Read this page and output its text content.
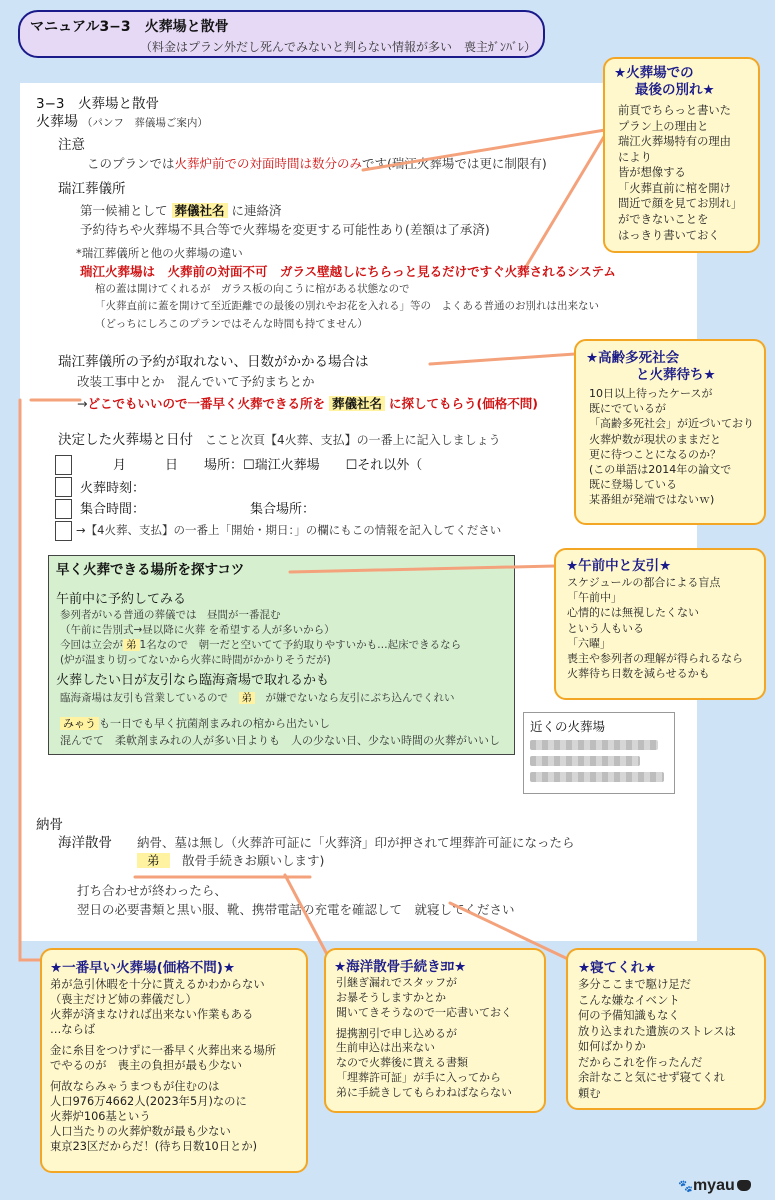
マニュアル3−3　火葬場と散骨
（料金はプラン外だし死んでみないと判らない情報が多い　喪主ｶﾞﾝﾊﾞﾚ）
3−3　火葬場と散骨
火葬場 （パンフ　葬儀場ご案内）
注意
このプランでは火葬炉前での対面時間は数分のみです(瑞江火葬場では更に制限有)
瑞江葬儀所
第一候補として 葬儀社名 に連絡済
予約待ちや火葬場不具合等で火葬場を変更する可能性あり(差額は了承済)
*瑞江葬儀所と他の火葬場の違い
瑞江火葬場は　火葬前の対面不可　ガラス壁越しにちらっと見るだけですぐ火葬されるシステム
棺の蓋は開けてくれるが　ガラス板の向こうに棺がある状態なので
「火葬直前に蓋を開けて至近距離での最後の別れやお花を入れる」等の　よくある普通のお別れは出来ない
（どっちにしろこのプランではそんな時間も持てません）
瑞江葬儀所の予約が取れない、日数がかかる場合は
改装工事中とか　混んでいて予約まちとか
→どこでもいいので一番早く火葬できる所を 葬儀社名 に探してもらう(価格不問)
決定した火葬場と日付　 ここと次頁【4火葬、支払】の一番上に記入しましょう
月　　　日　　場所：☐瑞江火葬場　　☐それ以外（
火葬時刻：
集合時間：	集合場所：
→【4火葬、支払】の一番上「開始・期日：」の欄にもこの情報を記入してください
早く火葬できる場所を探すコツ
午前中に予約してみる
参列者がいる普通の葬儀では　昼間が一番混む
（午前に告別式→昼以降に火葬 を希望する人が多いから）
今回は立会が 弟 1名なので　朝一だと空いてて予約取りやすいかも…起床できるなら
(炉が温まり切ってないから火葬に時間がかかりそうだが)
火葬したい日が友引なら臨海斎場で取れるかも
臨海斎場は友引も営業しているので　 弟　 が嫌でないなら友引にぶち込んでくれい
みゃう も一日でも早く抗菌剤まみれの棺から出たいし
混んでて　柔軟剤まみれの人が多い日よりも　人の少ない日、少ない時間の火葬がいいし
近くの火葬場
納骨
海洋散骨 納骨、墓は無し（火葬許可証に「火葬済」印が押されて埋葬許可証になったら
弟　 散骨手続きお願いします)
打ち合わせが終わったら、
翌日の必要書類と黒い服、靴、携帯電話の充電を確認して　就寝してください
★火葬場での
最後の別れ★
前頁でちらっと書いた
プラン上の理由と
瑞江火葬場特有の理由
により
皆が想像する
「火葬直前に棺を開け
間近で顔を見てお別れ」
ができないことを
はっきり書いておく
★高齢多死社会
と火葬待ち★
10日以上待ったケースが
既にでているが
「高齢多死社会」が近づいており
火葬炉数が現状のままだと
更に待つことになるのか？
(この単語は2014年の論文で
既に登場している
某番組が発端ではないｗ)
★午前中と友引★
スケジュールの都合による盲点
「午前中」
心情的には無視したくない
という人もいる
「六曜」
喪主や参列者の理解が得られるなら
火葬待ち日数を減らせるかも
★一番早い火葬場(価格不問)★
弟が急引休暇を十分に貰えるかわからない
（喪主だけど姉の葬儀だし）
火葬が済まなければ出来ない作業もある
…ならば
金に糸目をつけずに一番早く火葬出来る場所
でやるのが　喪主の負担が最も少ない
何故ならみゃうまつもが住むのは
人口976万4662人(2023年5月)なのに
火葬炉106基という
人口当たりの火葬炉数が最も少ない
東京23区だからだ！(待ち日数10日とか)
★海洋散骨手続きﾖﾛ★
引継ぎ漏れでスタッフが
お暴そうしますかとか
聞いてきそうなので一応書いておく
提携割引で申し込めるが
生前申込は出来ない
なので火葬後に貰える書類
「埋葬許可証」が手に入ってから
弟に手続きしてもらわねばならない
★寝てくれ★
多分ここまで駆け足だ
こんな嫌なイベント
何の予備知識もなく
放り込まれた遺族のストレスは
如何ばかりか
だからこれを作ったんだ
余計なこと気にせず寝てくれ
頼む
🐾myau
